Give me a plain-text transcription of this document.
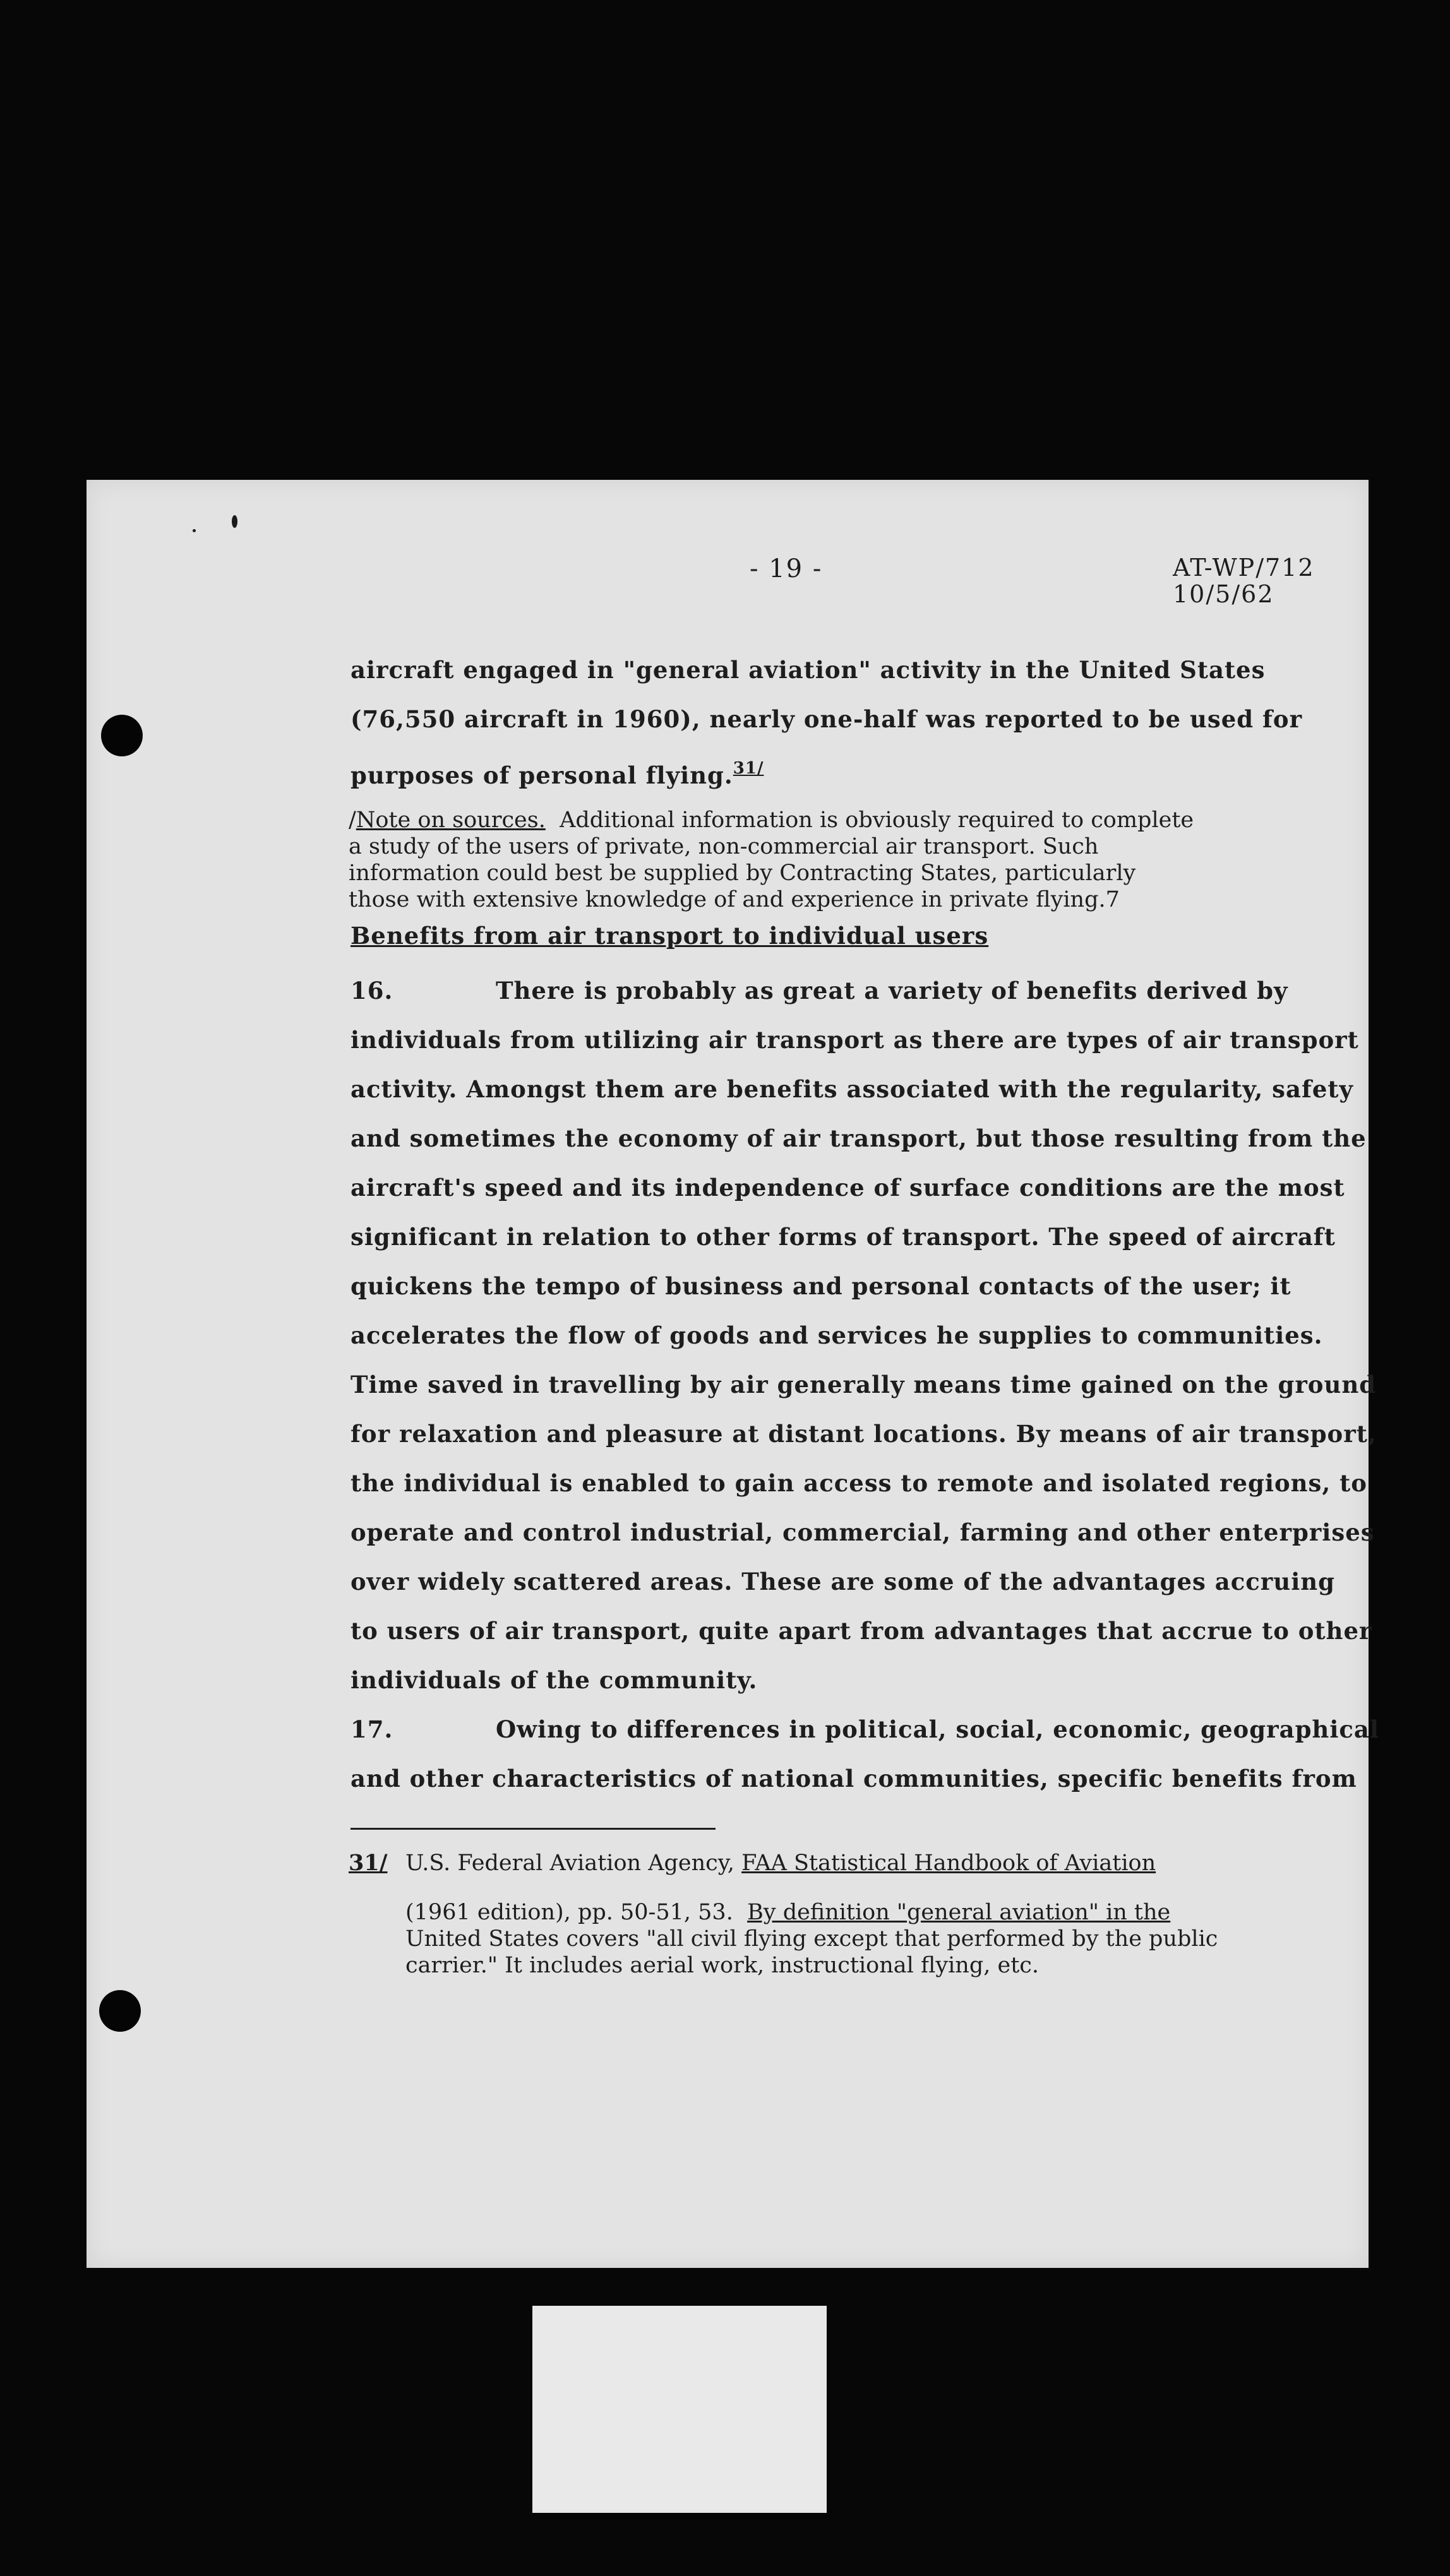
- 19 -	AT-WP/712
10/5/62
aircraft engaged in "general aviation" activity in the United States
(76,550 aircraft in 1960), nearly one-half was reported to be used for
purposes of personal flying.$^{31/}$
/Note on sources.  Additional information is obviously required to complete
a study of the users of private, non-commercial air transport. Such
information could best be supplied by Contracting States, particularly
those with extensive knowledge of and experience in private flying.7
Benefits from air transport to individual users
16.	There is probably as great a variety of benefits derived by
individuals from utilizing air transport as there are types of air transport
activity. Amongst them are benefits associated with the regularity, safety
and sometimes the economy of air transport, but those resulting from the
aircraft's speed and its independence of surface conditions are the most
significant in relation to other forms of transport. The speed of aircraft
quickens the tempo of business and personal contacts of the user; it
accelerates the flow of goods and services he supplies to communities.
Time saved in travelling by air generally means time gained on the ground
for relaxation and pleasure at distant locations. By means of air transport,
the individual is enabled to gain access to remote and isolated regions, to
operate and control industrial, commercial, farming and other enterprises
over widely scattered areas. These are some of the advantages accruing
to users of air transport, quite apart from advantages that accrue to other
individuals of the community.
17.	Owing to differences in political, social, economic, geographical
and other characteristics of national communities, specific benefits from
31/ U.S. Federal Aviation Agency, FAA Statistical Handbook of Aviation
(1961 edition), pp. 50-51, 53.  By definition "general aviation" in the
United States covers "all civil flying except that performed by the public
carrier." It includes aerial work, instructional flying, etc.
